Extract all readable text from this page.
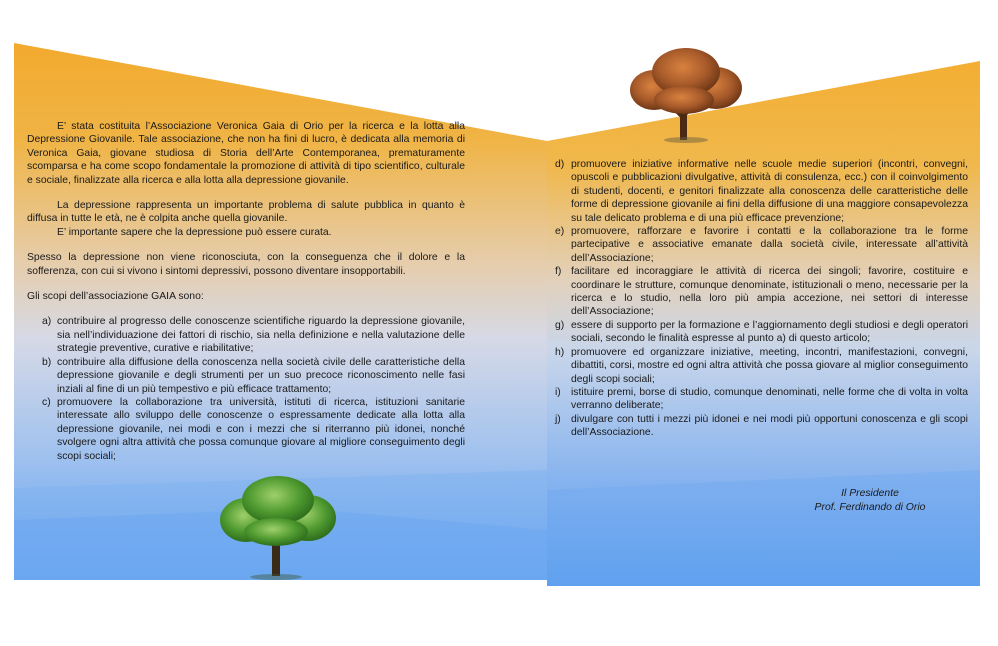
E’ stata costituita l’Associazione Veronica Gaia di Orio per la ricerca e la lotta alla Depressione Giovanile. Tale associazione, che non ha fini di lucro, è dedicata alla memoria di Veronica Gaia, giovane studiosa di Storia dell’Arte Contemporanea, prematuramente scomparsa e ha come scopo fondamentale la promozione di attività di tipo scientifico, culturale e sociale, finalizzate alla ricerca e alla lotta alla depressione giovanile.

La depressione rappresenta un importante problema di salute pubblica in quanto è diffusa in tutte le età, ne è colpita anche quella giovanile.

E’ importante sapere che la depressione può essere curata.

Spesso la depressione non viene riconosciuta, con la conseguenza che il dolore e la sofferenza, con cui si vivono i sintomi depressivi, possono diventare insopportabili.

Gli scopi dell’associazione GAIA sono:

a) contribuire al progresso delle conoscenze scientifiche riguardo la depressione giovanile, sia nell’individuazione dei fattori di rischio, sia nella definizione e nella valutazione delle strategie preventive, curative e riabilitative;
b) contribuire alla diffusione della conoscenza nella società civile delle caratteristiche della depressione giovanile e degli strumenti per un suo precoce riconoscimento nelle fasi inziali al fine di un più tempestivo e più efficace trattamento;
c) promuovere la collaborazione tra università, istituti di ricerca, istituzioni sanitarie interessate allo sviluppo delle conoscenze o espressamente dedicate alla lotta alla depressione giovanile, nei modi e con i mezzi che si riterranno più idonei, nonché svolgere ogni altra attività che possa comunque giovare al migliore conseguimento degli scopi sociali;
d) promuovere iniziative informative nelle scuole medie superiori (incontri, convegni, opuscoli e pubblicazioni divulgative, attività di consulenza, ecc.) con il coinvolgimento di studenti, docenti, e genitori finalizzate alla conoscenza delle caratteristiche delle forme di depressione giovanile ai fini della diffusione di una maggiore consapevolezza su tale delicato problema e di una più efficace prevenzione;
e) promuovere, rafforzare e favorire i contatti e la collaborazione tra le forme partecipative e associative emanate dalla società civile, interessate all’attività dell’Associazione;
f) facilitare ed incoraggiare le attività di ricerca dei singoli; favorire, costituire e coordinare le strutture, comunque denominate, istituzionali o meno, necessarie per la ricerca e lo studio, nella loro più ampia accezione, nei settori di interesse dell’Associazione;
g) essere di supporto per la formazione e l’aggiornamento degli studiosi e degli operatori sociali, secondo le finalità espresse al punto a) di questo articolo;
h) promuovere ed organizzare iniziative, meeting, incontri, manifestazioni, convegni, dibattiti, corsi, mostre ed ogni altra attività che possa giovare al miglior conseguimento degli scopi sociali;
i) istituire premi, borse di studio, comunque denominati, nelle forme che di volta in volta verranno deliberate;
j) divulgare con tutti i mezzi più idonei e nei modi più opportuni conoscenza e gli scopi dell’Associazione.
Il Presidente
Prof. Ferdinando di Orio
